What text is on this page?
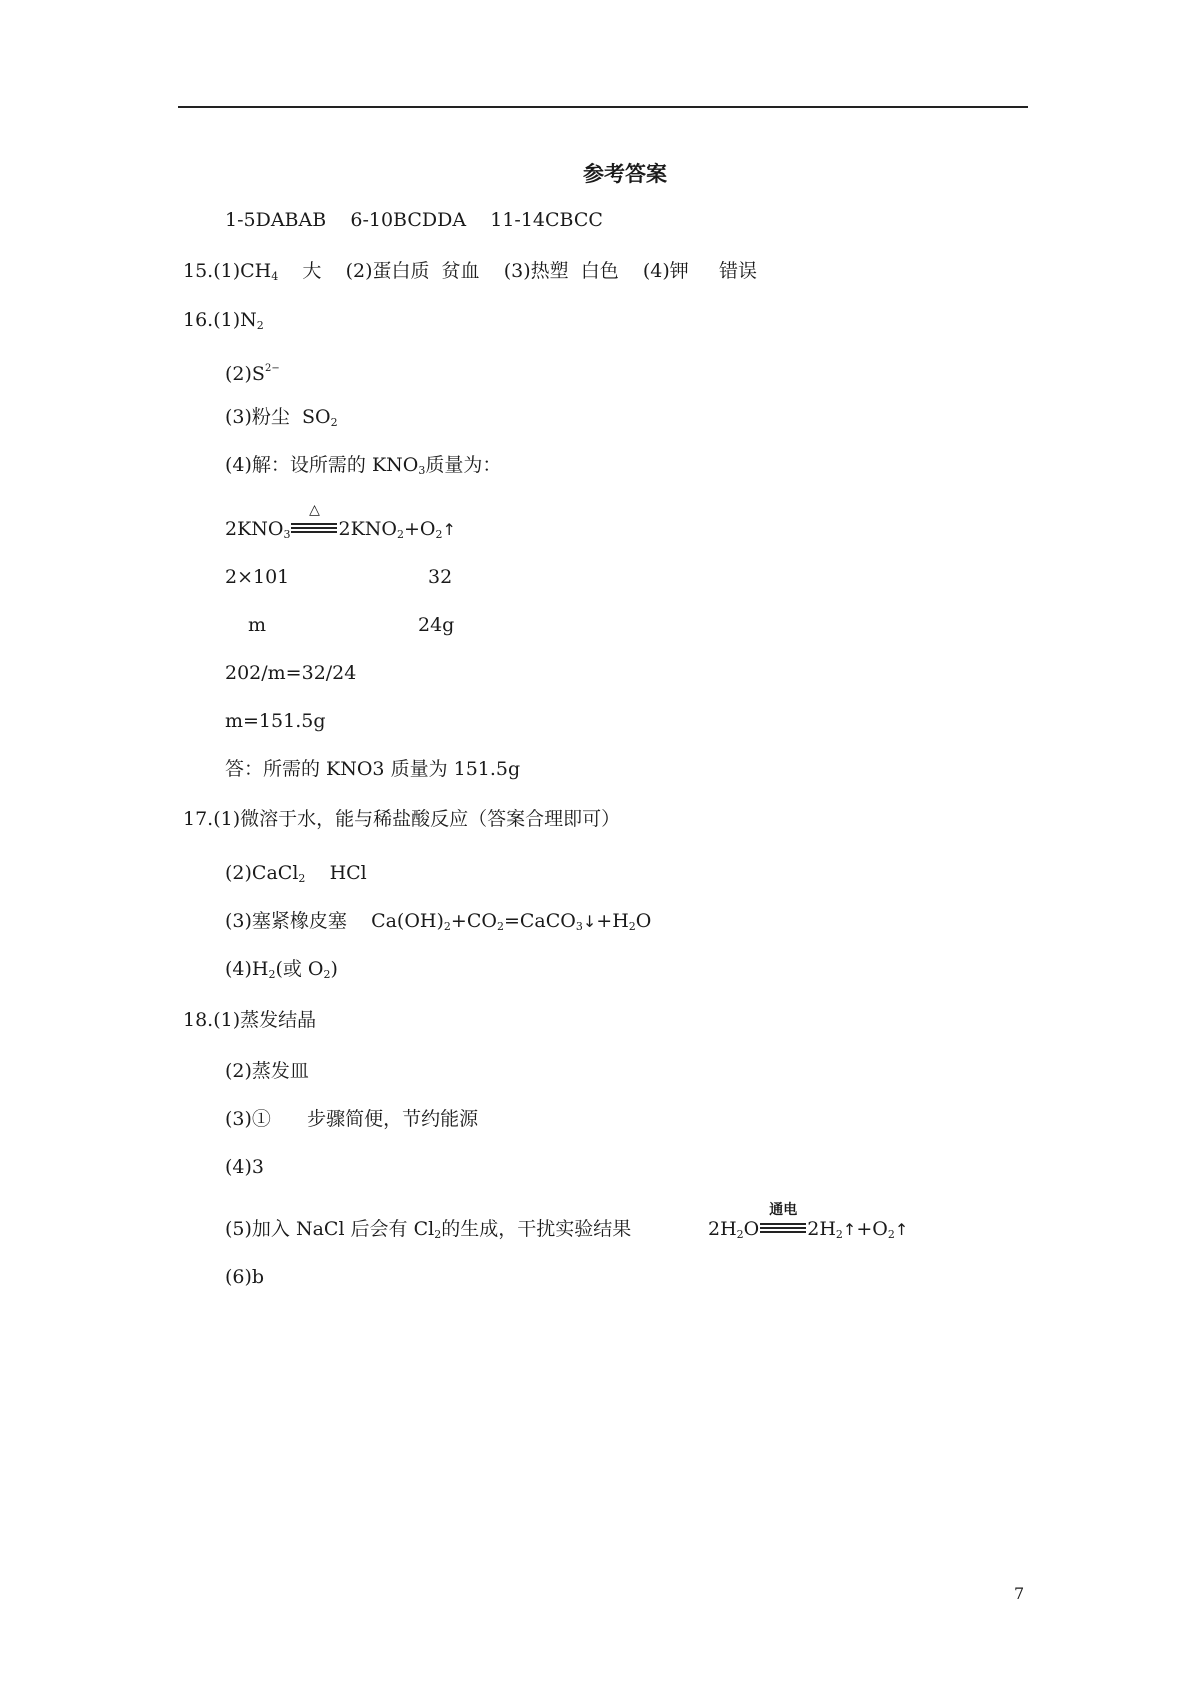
参考答案
1-5DABAB    6-10BCDDA    11-14CBCC
$15.(1)CH_4$    大    (2)蛋白质  贫血    (3)热塑  白色    (4)钾     错误
$16.(1)N_2$
$(2)S^{2-}$
(3)粉尘  $SO_2$
(4)解：设所需的 $KNO_3$质量为：
$2KNO_3$
△
$2KNO_2+O_2↑$
2×101	32
m	24g
202/m=32/24
m=151.5g
答：所需的 KNO3 质量为 151.5g
17.(1)微溶于水，能与稀盐酸反应（答案合理即可）
(2)CaCl$_2$    HCl
(3)塞紧橡皮塞    $Ca(OH)_2+CO_2=CaCO_3↓+H_2O$
$(4)H_2$(或 $O_2$)
18.(1)蒸发结晶
(2)蒸发皿
(3)①      步骤简便，节约能源
(4)3
(5)加入 NaCl 后会有 $Cl_2$的生成，干扰实验结果	$2H_2O$
通电
$2H_2↑+O_2↑$
(6)b
7
